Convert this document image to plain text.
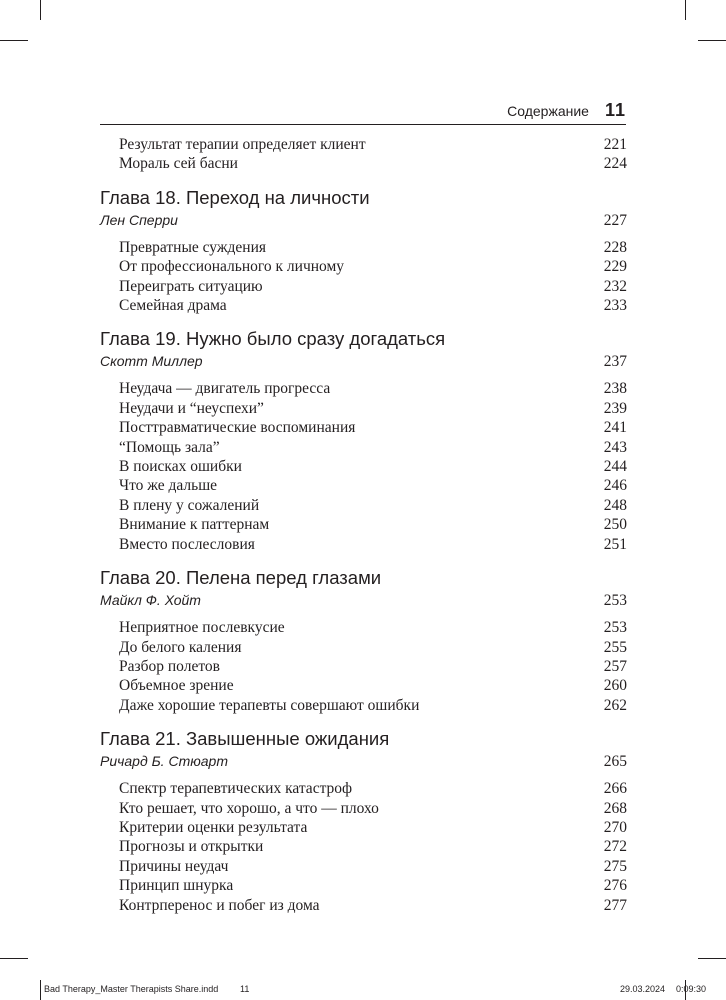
Содержание 11
Результат терапии определяет клиент	221
Мораль сей басни	224
Глава 18. Переход на личности
Лен Сперри	227
Превратные суждения	228
От профессионального к личному	229
Переиграть ситуацию	232
Семейная драма	233
Глава 19. Нужно было сразу догадаться
Скотт Миллер	237
Неудача — двигатель прогресса	238
Неудачи и “неуспехи”	239
Посттравматические воспоминания	241
“Помощь зала”	243
В поисках ошибки	244
Что же дальше	246
В плену у сожалений	248
Внимание к паттернам	250
Вместо послесловия	251
Глава 20. Пелена перед глазами
Майкл Ф. Хойт	253
Неприятное послевкусие	253
До белого каления	255
Разбор полетов	257
Объемное зрение	260
Даже хорошие терапевты совершают ошибки	262
Глава 21. Завышенные ожидания
Ричард Б. Стюарт	265
Спектр терапевтических катастроф	266
Кто решает, что хорошо, а что — плохо	268
Критерии оценки результата	270
Прогнозы и открытки	272
Причины неудач	275
Принцип шнурка	276
Контрперенос и побег из дома	277
Bad Therapy_Master Therapists Share.indd 11	29.03.2024 0:09:30
